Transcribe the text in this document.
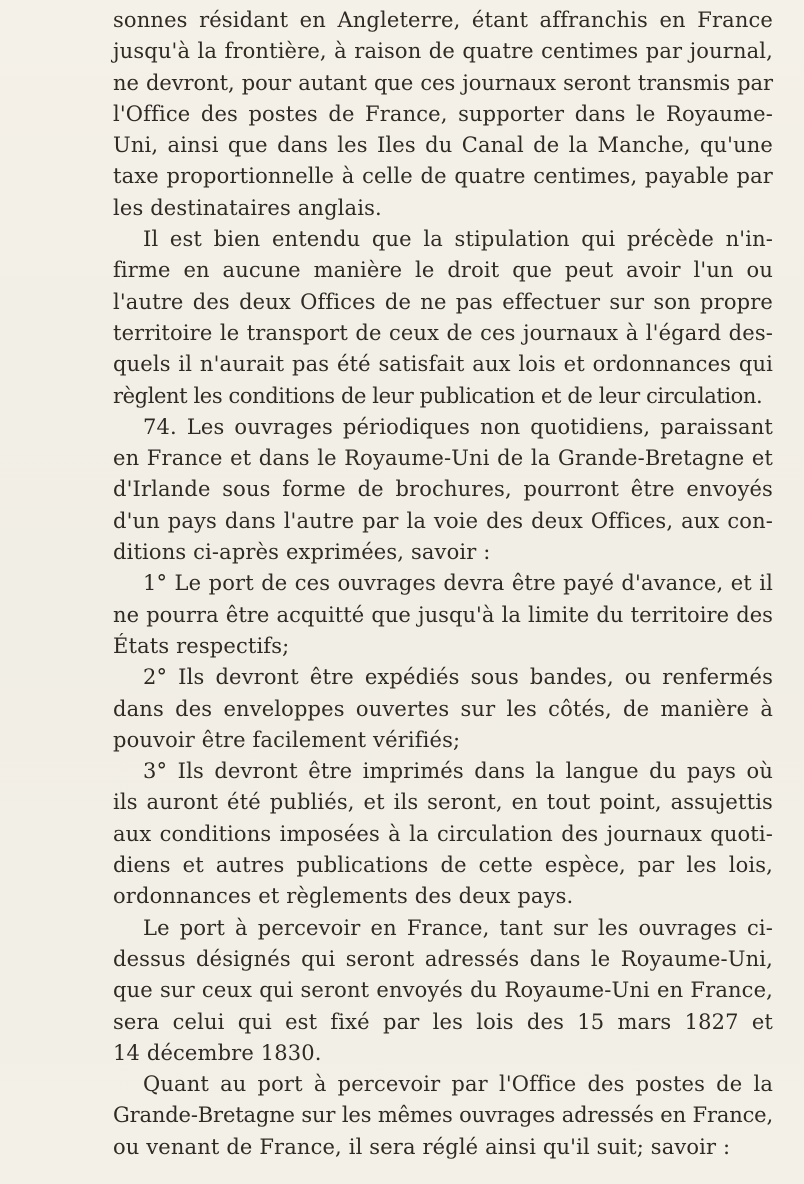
sonnes résidant en Angleterre, étant affranchis en France
jusqu'à la frontière, à raison de quatre centimes par journal,
ne devront, pour autant que ces journaux seront transmis par
l'Office des postes de France, supporter dans le Royaume-
Uni, ainsi que dans les Iles du Canal de la Manche, qu'une
taxe proportionnelle à celle de quatre centimes, payable par
les destinataires anglais.
Il est bien entendu que la stipulation qui précède n'in-
firme en aucune manière le droit que peut avoir l'un ou
l'autre des deux Offices de ne pas effectuer sur son propre
territoire le transport de ceux de ces journaux à l'égard des-
quels il n'aurait pas été satisfait aux lois et ordonnances qui
règlent les conditions de leur publication et de leur circulation.
74. Les ouvrages périodiques non quotidiens, paraissant
en France et dans le Royaume-Uni de la Grande-Bretagne et
d'Irlande sous forme de brochures, pourront être envoyés
d'un pays dans l'autre par la voie des deux Offices, aux con-
ditions ci-après exprimées, savoir :
1° Le port de ces ouvrages devra être payé d'avance, et il
ne pourra être acquitté que jusqu'à la limite du territoire des
États respectifs;
2° Ils devront être expédiés sous bandes, ou renfermés
dans des enveloppes ouvertes sur les côtés, de manière à
pouvoir être facilement vérifiés;
3° Ils devront être imprimés dans la langue du pays où
ils auront été publiés, et ils seront, en tout point, assujettis
aux conditions imposées à la circulation des journaux quoti-
diens et autres publications de cette espèce, par les lois,
ordonnances et règlements des deux pays.
Le port à percevoir en France, tant sur les ouvrages ci-
dessus désignés qui seront adressés dans le Royaume-Uni,
que sur ceux qui seront envoyés du Royaume-Uni en France,
sera celui qui est fixé par les lois des 15 mars 1827 et
14 décembre 1830.
Quant au port à percevoir par l'Office des postes de la
Grande-Bretagne sur les mêmes ouvrages adressés en France,
ou venant de France, il sera réglé ainsi qu'il suit; savoir :
